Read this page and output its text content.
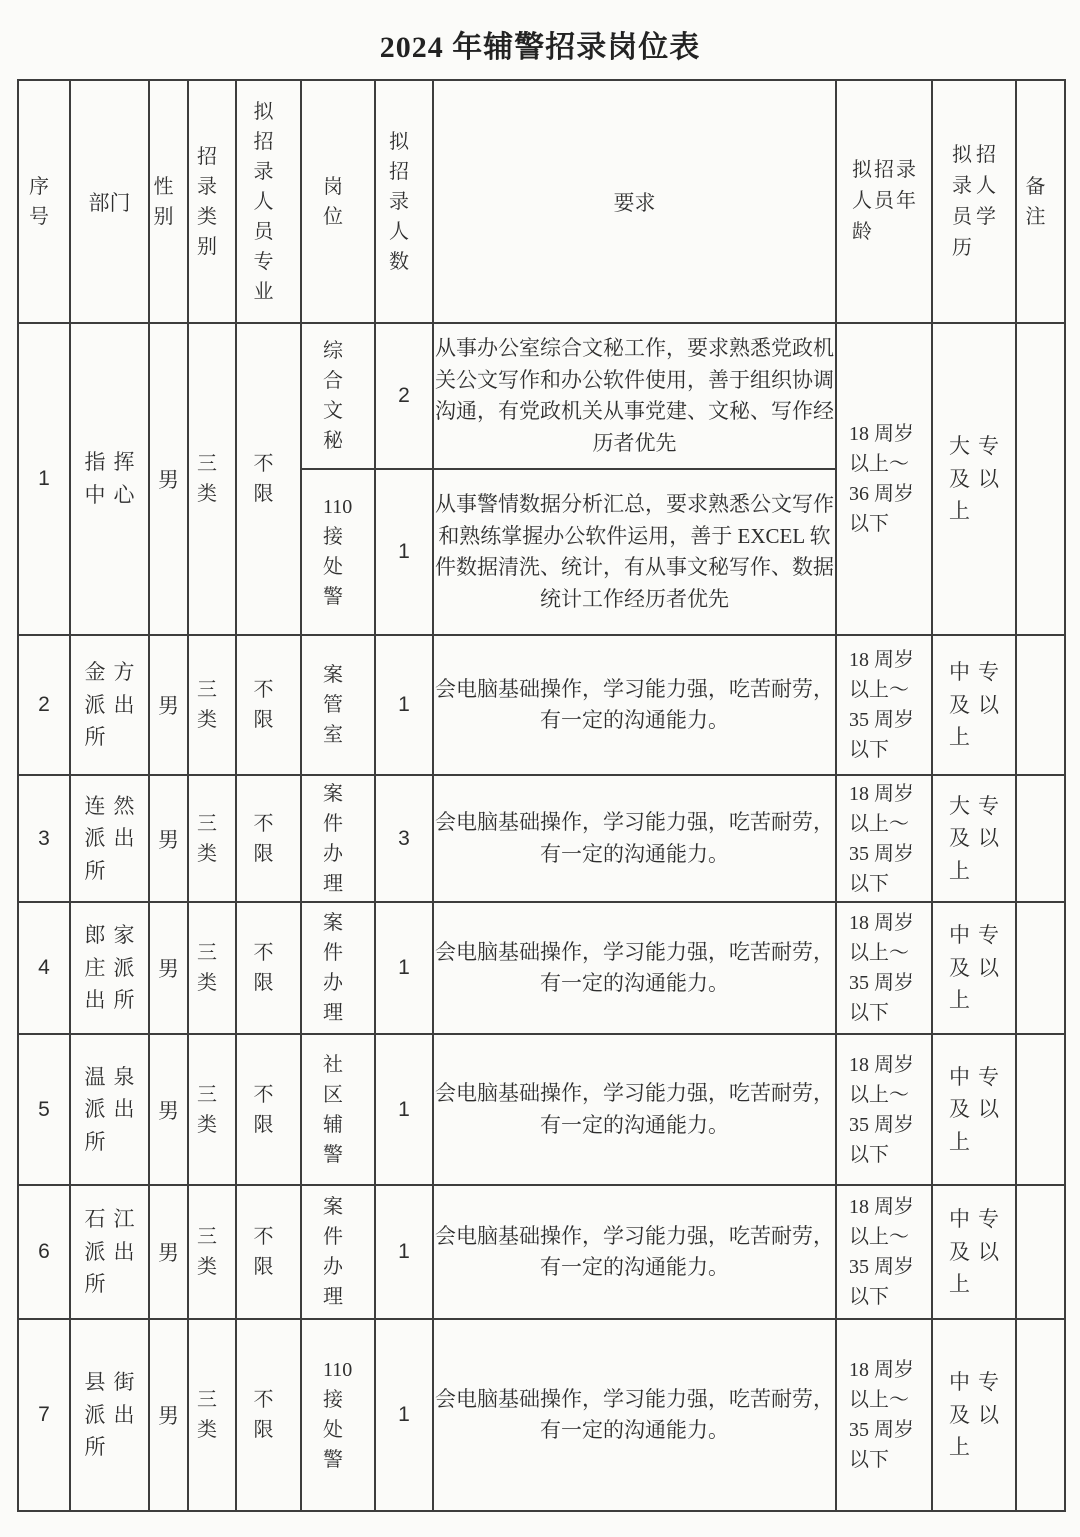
2024 年辅警招录岗位表
序号	部门	性别	招录类别	拟招录人员专业	岗位	拟招录人数	要求	拟招录人员年龄	拟招录人员学历	备注

1	指挥中心	男	三类	不限	综合文秘	2	从事办公室综合文秘工作，要求熟悉党政机关公文写作和办公软件使用，善于组织协调沟通，有党政机关从事党建、文秘、写作经历者优先	18 周岁以上～36 周岁以下	大专及以上	

					110接处警	1	从事警情数据分析汇总，要求熟悉公文写作和熟练掌握办公软件运用，善于 EXCEL 软件数据清洗、统计，有从事文秘写作、数据统计工作经历者优先			
2	金方派出所	男	三类	不限	案管室	1	会电脑基础操作，学习能力强，吃苦耐劳，有一定的沟通能力。	18 周岁以上～35 周岁以下	中专及以上	

3	连然派出所	男	三类	不限	案件办理	3	会电脑基础操作，学习能力强，吃苦耐劳，有一定的沟通能力。	18 周岁以上～35 周岁以下	大专及以上	

4	郎家庄派出所	男	三类	不限	案件办理	1	会电脑基础操作，学习能力强，吃苦耐劳，有一定的沟通能力。	18 周岁以上～35 周岁以下	中专及以上	

5	温泉派出所	男	三类	不限	社区辅警	1	会电脑基础操作，学习能力强，吃苦耐劳，有一定的沟通能力。	18 周岁以上～35 周岁以下	中专及以上	

6	石江派出所	男	三类	不限	案件办理	1	会电脑基础操作，学习能力强，吃苦耐劳，有一定的沟通能力。	18 周岁以上～35 周岁以下	中专及以上	

7	县街派出所	男	三类	不限	110接处警	1	会电脑基础操作，学习能力强，吃苦耐劳，有一定的沟通能力。	18 周岁以上～35 周岁以下	中专及以上	
